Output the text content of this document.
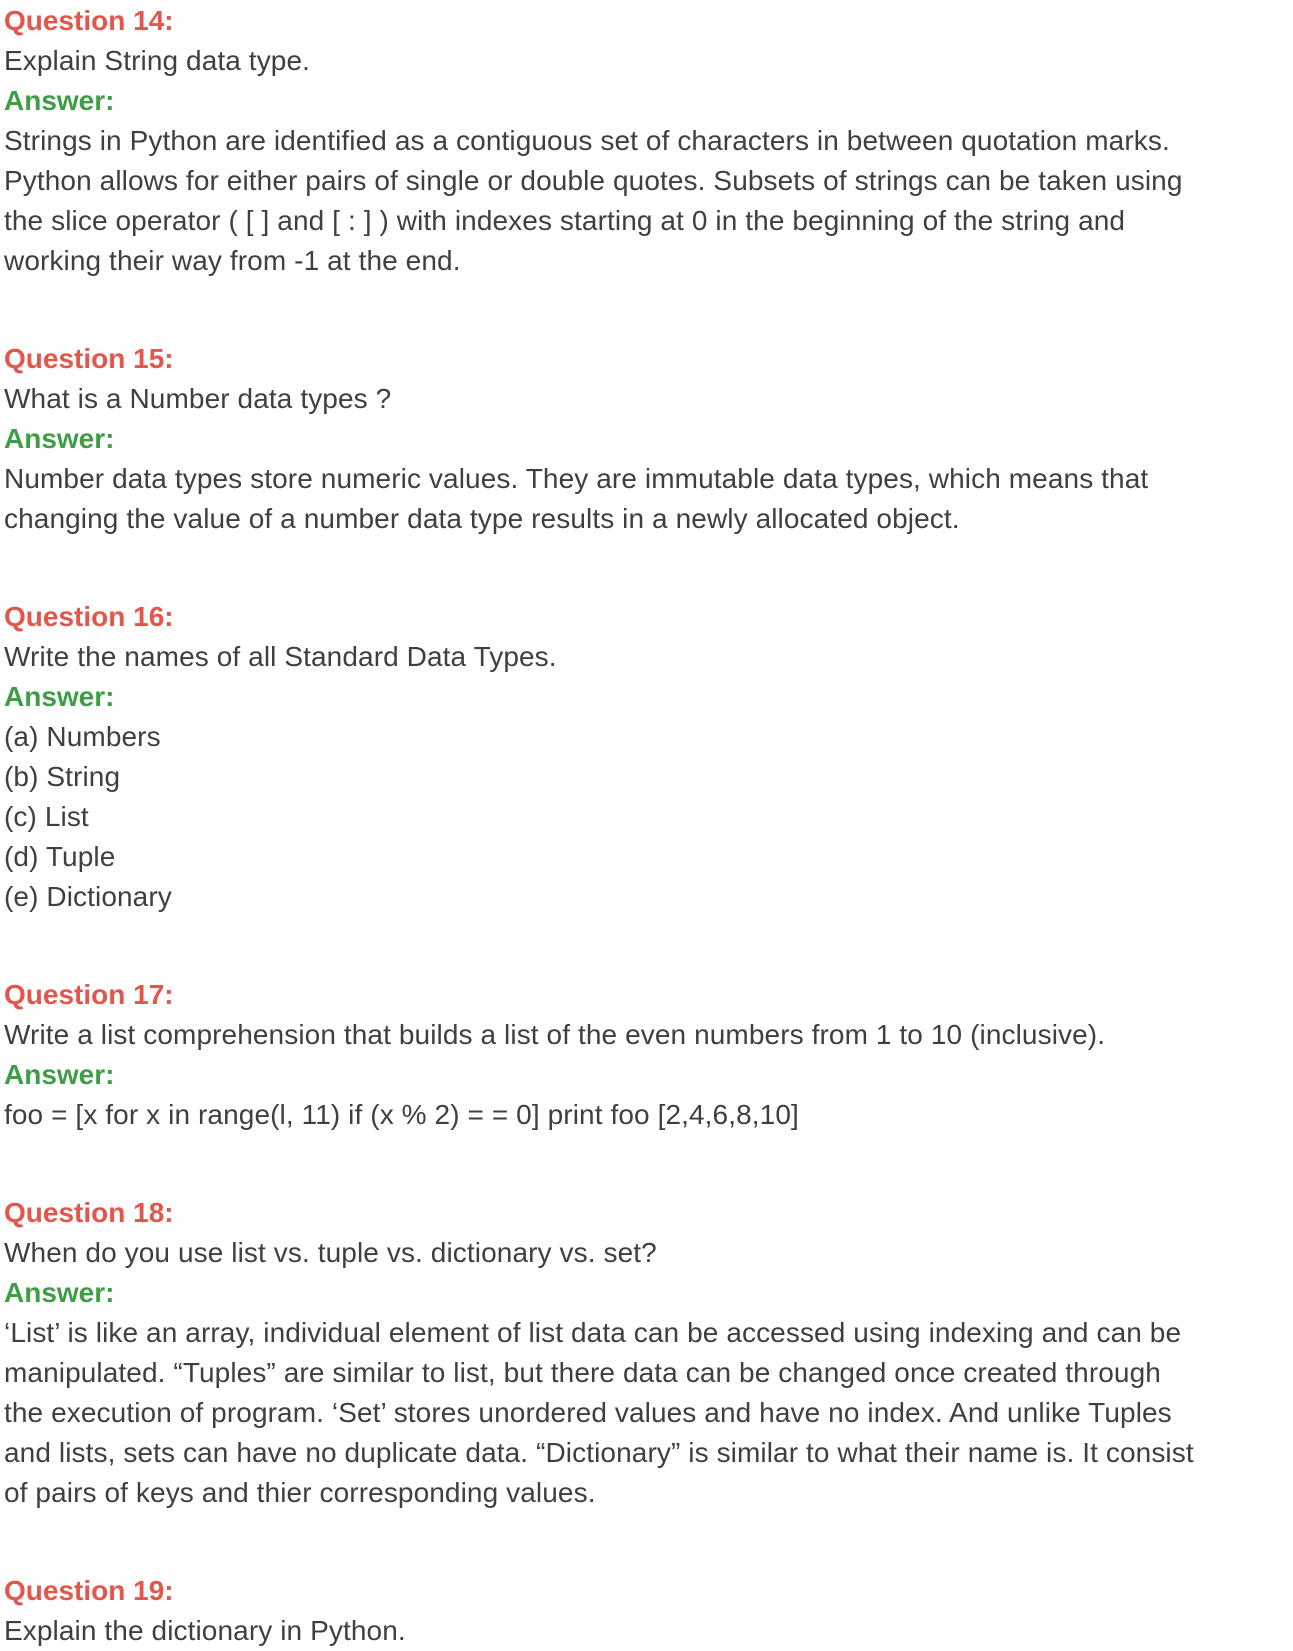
Question 14:
Explain String data type.
Answer:
Strings in Python are identified as a contiguous set of characters in between quotation marks.
Python allows for either pairs of single or double quotes. Subsets of strings can be taken using
the slice operator ( [ ] and [ : ] ) with indexes starting at 0 in the beginning of the string and
working their way from -1 at the end.
Question 15:
What is a Number data types ?
Answer:
Number data types store numeric values. They are immutable data types, which means that
changing the value of a number data type results in a newly allocated object.
Question 16:
Write the names of all Standard Data Types.
Answer:
(a) Numbers
(b) String
(c) List
(d) Tuple
(e) Dictionary
Question 17:
Write a list comprehension that builds a list of the even numbers from 1 to 10 (inclusive).
Answer:
foo = [x for x in range(l, 11) if (x % 2) = = 0] print foo [2,4,6,8,10]
Question 18:
When do you use list vs. tuple vs. dictionary vs. set?
Answer:
‘List’ is like an array, individual element of list data can be accessed using indexing and can be
manipulated. “Tuples” are similar to list, but there data can be changed once created through
the execution of program. ‘Set’ stores unordered values and have no index. And unlike Tuples
and lists, sets can have no duplicate data. “Dictionary” is similar to what their name is. It consist
of pairs of keys and thier corresponding values.
Question 19:
Explain the dictionary in Python.
